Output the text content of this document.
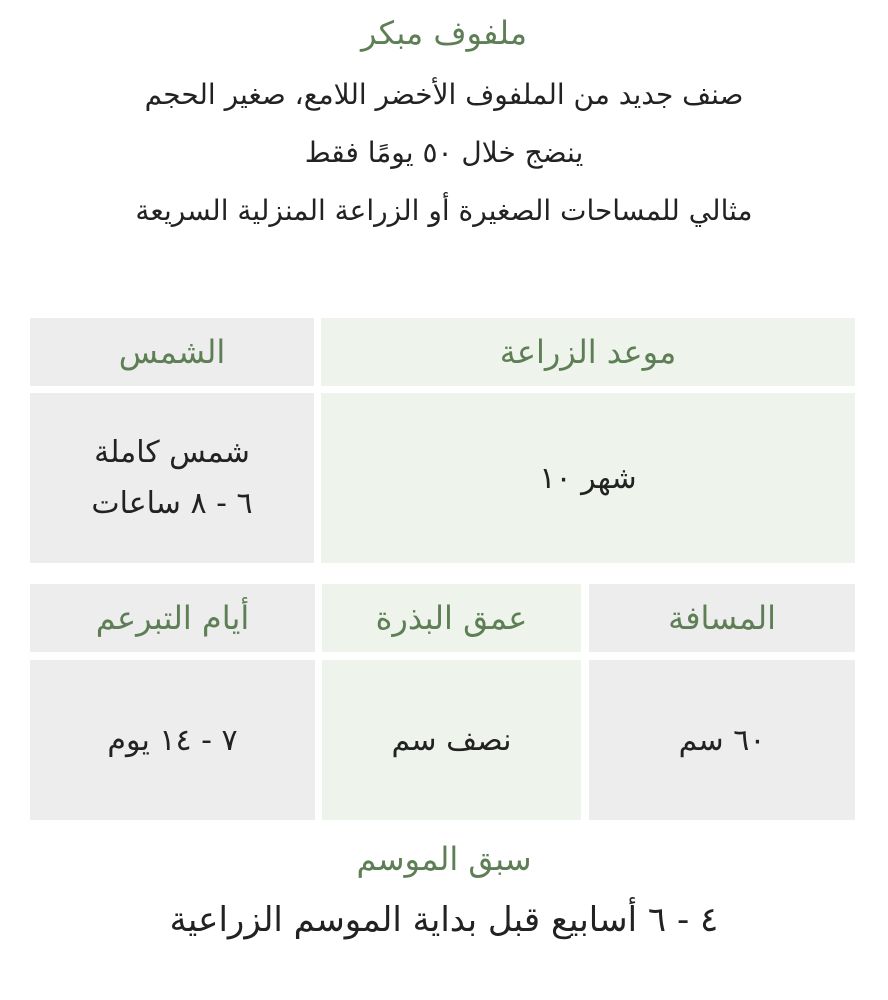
ملفوف مبكر
صنف جديد من الملفوف الأخضر اللامع، صغير الحجم
ينضج خلال ٥٠ يومًا فقط
مثالي للمساحات الصغيرة أو الزراعة المنزلية السريعة
موعد الزراعة
الشمس
شهر ١٠
شمس كاملة
٦ - ٨ ساعات
المسافة
عمق البذرة
أيام التبرعم
٦٠ سم
نصف سم
٧ - ١٤ يوم
سبق الموسم
٤ - ٦ أسابيع قبل بداية الموسم الزراعية
